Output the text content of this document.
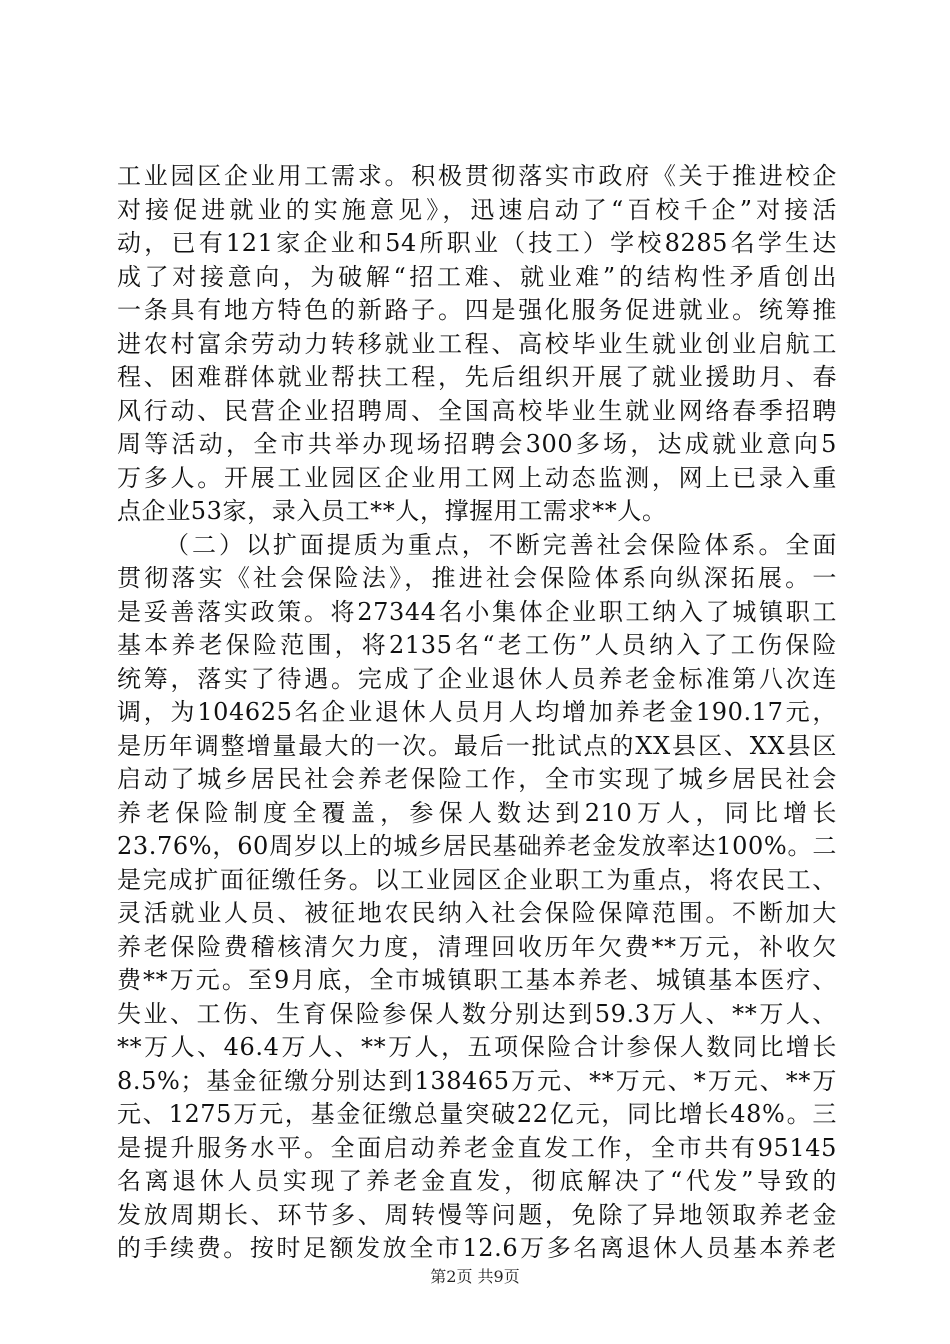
工业园区企业用工需求。积极贯彻落实市政府《关于推进校企
对接促进就业的实施意见》，迅速启动了“百校千企”对接活
动，已有121家企业和54所职业（技工）学校8285名学生达
成了对接意向，为破解“招工难、就业难”的结构性矛盾创出
一条具有地方特色的新路子。四是强化服务促进就业。统筹推
进农村富余劳动力转移就业工程、高校毕业生就业创业启航工
程、困难群体就业帮扶工程，先后组织开展了就业援助月、春
风行动、民营企业招聘周、全国高校毕业生就业网络春季招聘
周等活动，全市共举办现场招聘会300多场，达成就业意向5
万多人。开展工业园区企业用工网上动态监测，网上已录入重
点企业53家，录入员工**人，撑握用工需求**人。
（二）以扩面提质为重点，不断完善社会保险体系。全面
贯彻落实《社会保险法》，推进社会保险体系向纵深拓展。一
是妥善落实政策。将27344名小集体企业职工纳入了城镇职工
基本养老保险范围，将2135名“老工伤”人员纳入了工伤保险
统筹，落实了待遇。完成了企业退休人员养老金标准第八次连
调，为104625名企业退休人员月人均增加养老金190.17元，
是历年调整增量最大的一次。最后一批试点的XX县区、XX县区
启动了城乡居民社会养老保险工作，全市实现了城乡居民社会
养老保险制度全覆盖，参保人数达到210万人，同比增长
23.76%，60周岁以上的城乡居民基础养老金发放率达100%。二
是完成扩面征缴任务。以工业园区企业职工为重点，将农民工、
灵活就业人员、被征地农民纳入社会保险保障范围。不断加大
养老保险费稽核清欠力度，清理回收历年欠费**万元，补收欠
费**万元。至9月底，全市城镇职工基本养老、城镇基本医疗、
失业、工伤、生育保险参保人数分别达到59.3万人、**万人、
**万人、46.4万人、**万人，五项保险合计参保人数同比增长
8.5%；基金征缴分别达到138465万元、**万元、*万元、**万
元、1275万元，基金征缴总量突破22亿元，同比增长48%。三
是提升服务水平。全面启动养老金直发工作，全市共有95145
名离退休人员实现了养老金直发，彻底解决了“代发”导致的
发放周期长、环节多、周转慢等问题，免除了异地领取养老金
的手续费。按时足额发放全市12.6万多名离退休人员基本养老
第2页 共9页
